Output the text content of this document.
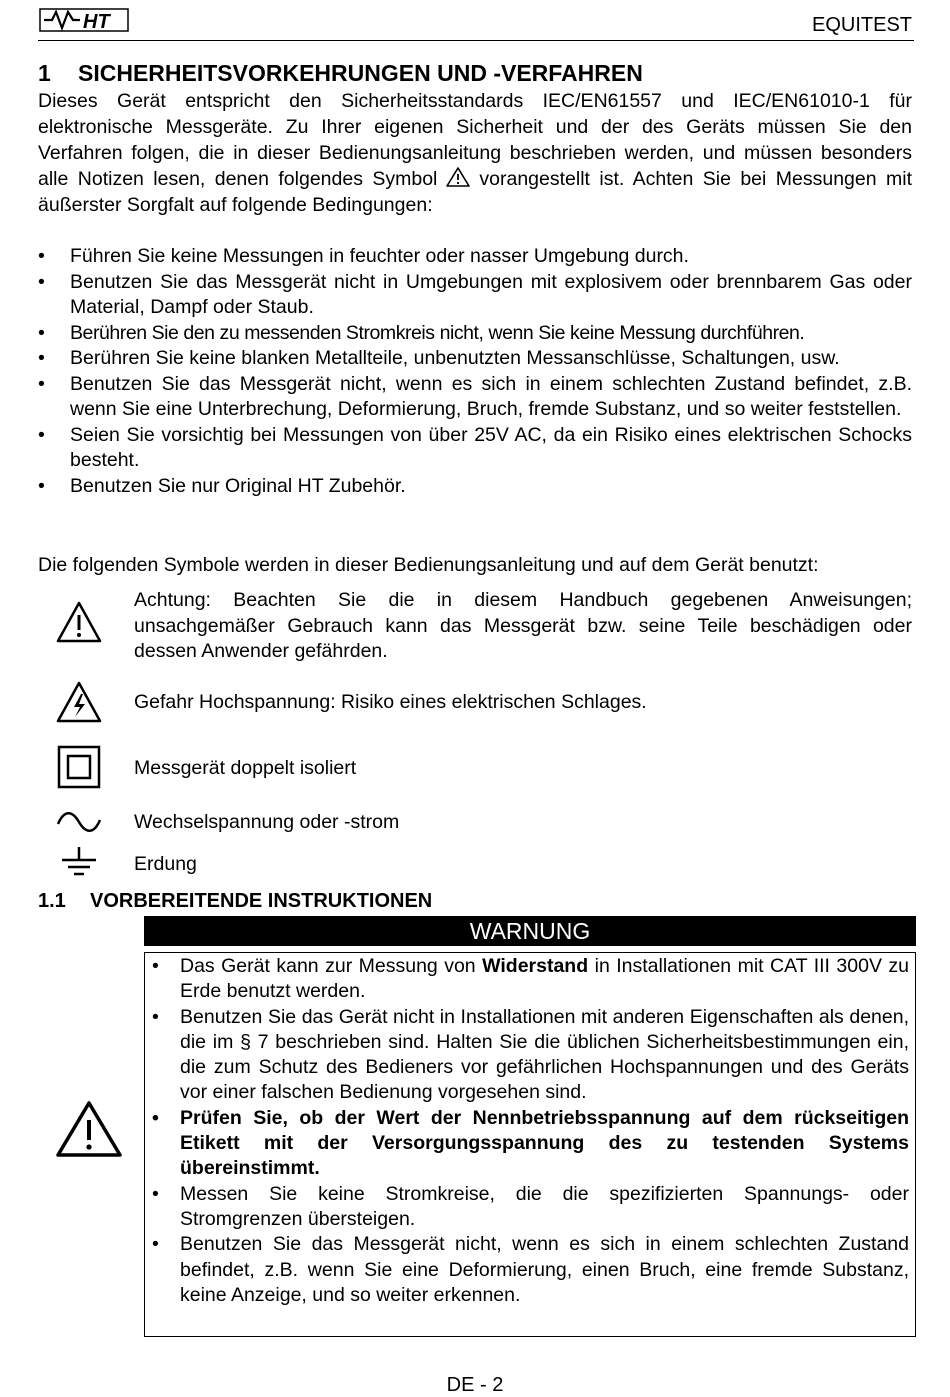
HT	EQUITEST
1 SICHERHEITSVORKEHRUNGEN UND -VERFAHREN
Dieses Gerät entspricht den Sicherheitsstandards IEC/EN61557 und IEC/EN61010-1 für elektronische Messgeräte. Zu Ihrer eigenen Sicherheit und der des Geräts müssen Sie den Verfahren folgen, die in dieser Bedienungsanleitung beschrieben werden, und müssen besonders alle Notizen lesen, denen folgendes Symbol vorangestellt ist. Achten Sie bei Messungen mit äußerster Sorgfalt auf folgende Bedingungen:
• Führen Sie keine Messungen in feuchter oder nasser Umgebung durch.
• Benutzen Sie das Messgerät nicht in Umgebungen mit explosivem oder brennbarem Gas oder Material, Dampf oder Staub.
• Berühren Sie den zu messenden Stromkreis nicht, wenn Sie keine Messung durchführen.
• Berühren Sie keine blanken Metallteile, unbenutzten Messanschlüsse, Schaltungen, usw.
• Benutzen Sie das Messgerät nicht, wenn es sich in einem schlechten Zustand befindet, z.B. wenn Sie eine Unterbrechung, Deformierung, Bruch, fremde Substanz, und so weiter feststellen.
• Seien Sie vorsichtig bei Messungen von über 25V AC, da ein Risiko eines elektrischen Schocks besteht.
• Benutzen Sie nur Original HT Zubehör.
Die folgenden Symbole werden in dieser Bedienungsanleitung und auf dem Gerät benutzt:
Achtung: Beachten Sie die in diesem Handbuch gegebenen Anweisungen; unsachgemäßer Gebrauch kann das Messgerät bzw. seine Teile beschädigen oder dessen Anwender gefährden.
Gefahr Hochspannung: Risiko eines elektrischen Schlages.
Messgerät doppelt isoliert
Wechselspannung oder -strom
Erdung
1.1 VORBEREITENDE INSTRUKTIONEN
WARNUNG
• Das Gerät kann zur Messung von Widerstand in Installationen mit CAT III 300V zu Erde benutzt werden.
• Benutzen Sie das Gerät nicht in Installationen mit anderen Eigenschaften als denen, die im § 7 beschrieben sind. Halten Sie die üblichen Sicherheitsbestimmungen ein, die zum Schutz des Bedieners vor gefährlichen Hochspannungen und des Geräts vor einer falschen Bedienung vorgesehen sind.
• Prüfen Sie, ob der Wert der Nennbetriebsspannung auf dem rückseitigen Etikett mit der Versorgungsspannung des zu testenden Systems übereinstimmt.
• Messen Sie keine Stromkreise, die die spezifizierten Spannungs- oder Stromgrenzen übersteigen.
• Benutzen Sie das Messgerät nicht, wenn es sich in einem schlechten Zustand befindet, z.B. wenn Sie eine Deformierung, einen Bruch, eine fremde Substanz, keine Anzeige, und so weiter erkennen.
DE - 2
